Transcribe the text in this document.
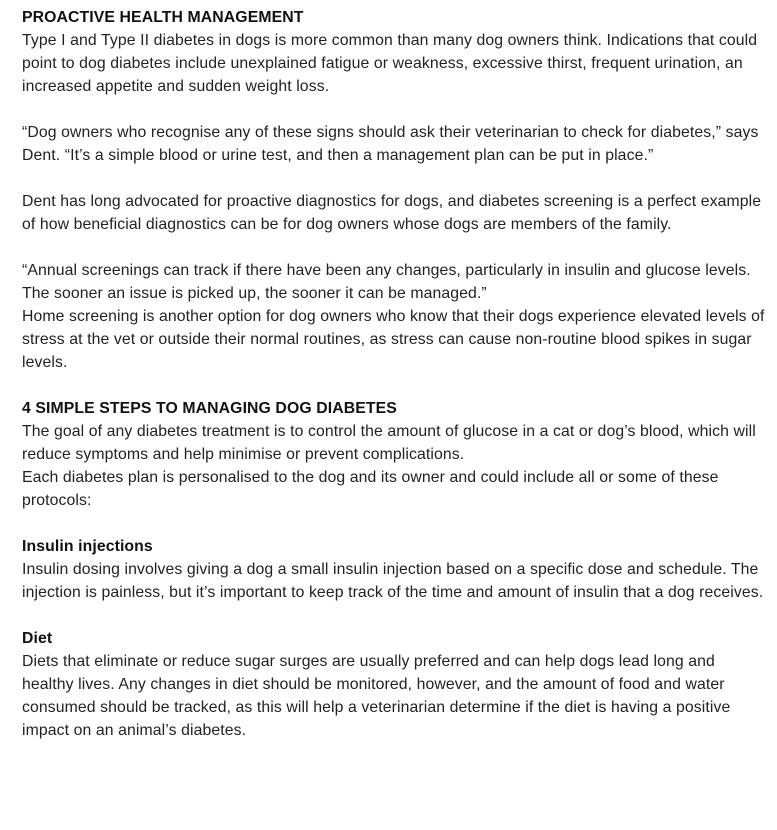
PROACTIVE HEALTH MANAGEMENT

Type I and Type II diabetes in dogs is more common than many dog owners think. Indications that could point to dog diabetes include unexplained fatigue or weakness, excessive thirst, frequent urination, an increased appetite and sudden weight loss.

“Dog owners who recognise any of these signs should ask their veterinarian to check for diabetes,” says Dent. “It’s a simple blood or urine test, and then a management plan can be put in place.”

Dent has long advocated for proactive diagnostics for dogs, and diabetes screening is a perfect example of how beneficial diagnostics can be for dog owners whose dogs are members of the family.

“Annual screenings can track if there have been any changes, particularly in insulin and glucose levels. The sooner an issue is picked up, the sooner it can be managed.”

Home screening is another option for dog owners who know that their dogs experience elevated levels of stress at the vet or outside their normal routines, as stress can cause non-routine blood spikes in sugar levels.

4 SIMPLE STEPS TO MANAGING DOG DIABETES

The goal of any diabetes treatment is to control the amount of glucose in a cat or dog’s blood, which will reduce symptoms and help minimise or prevent complications.

Each diabetes plan is personalised to the dog and its owner and could include all or some of these protocols:

Insulin injections

Insulin dosing involves giving a dog a small insulin injection based on a specific dose and schedule. The injection is painless, but it’s important to keep track of the time and amount of insulin that a dog receives.

Diet

Diets that eliminate or reduce sugar surges are usually preferred and can help dogs lead long and healthy lives. Any changes in diet should be monitored, however, and the amount of food and water consumed should be tracked, as this will help a veterinarian determine if the diet is having a positive impact on an animal’s diabetes.
